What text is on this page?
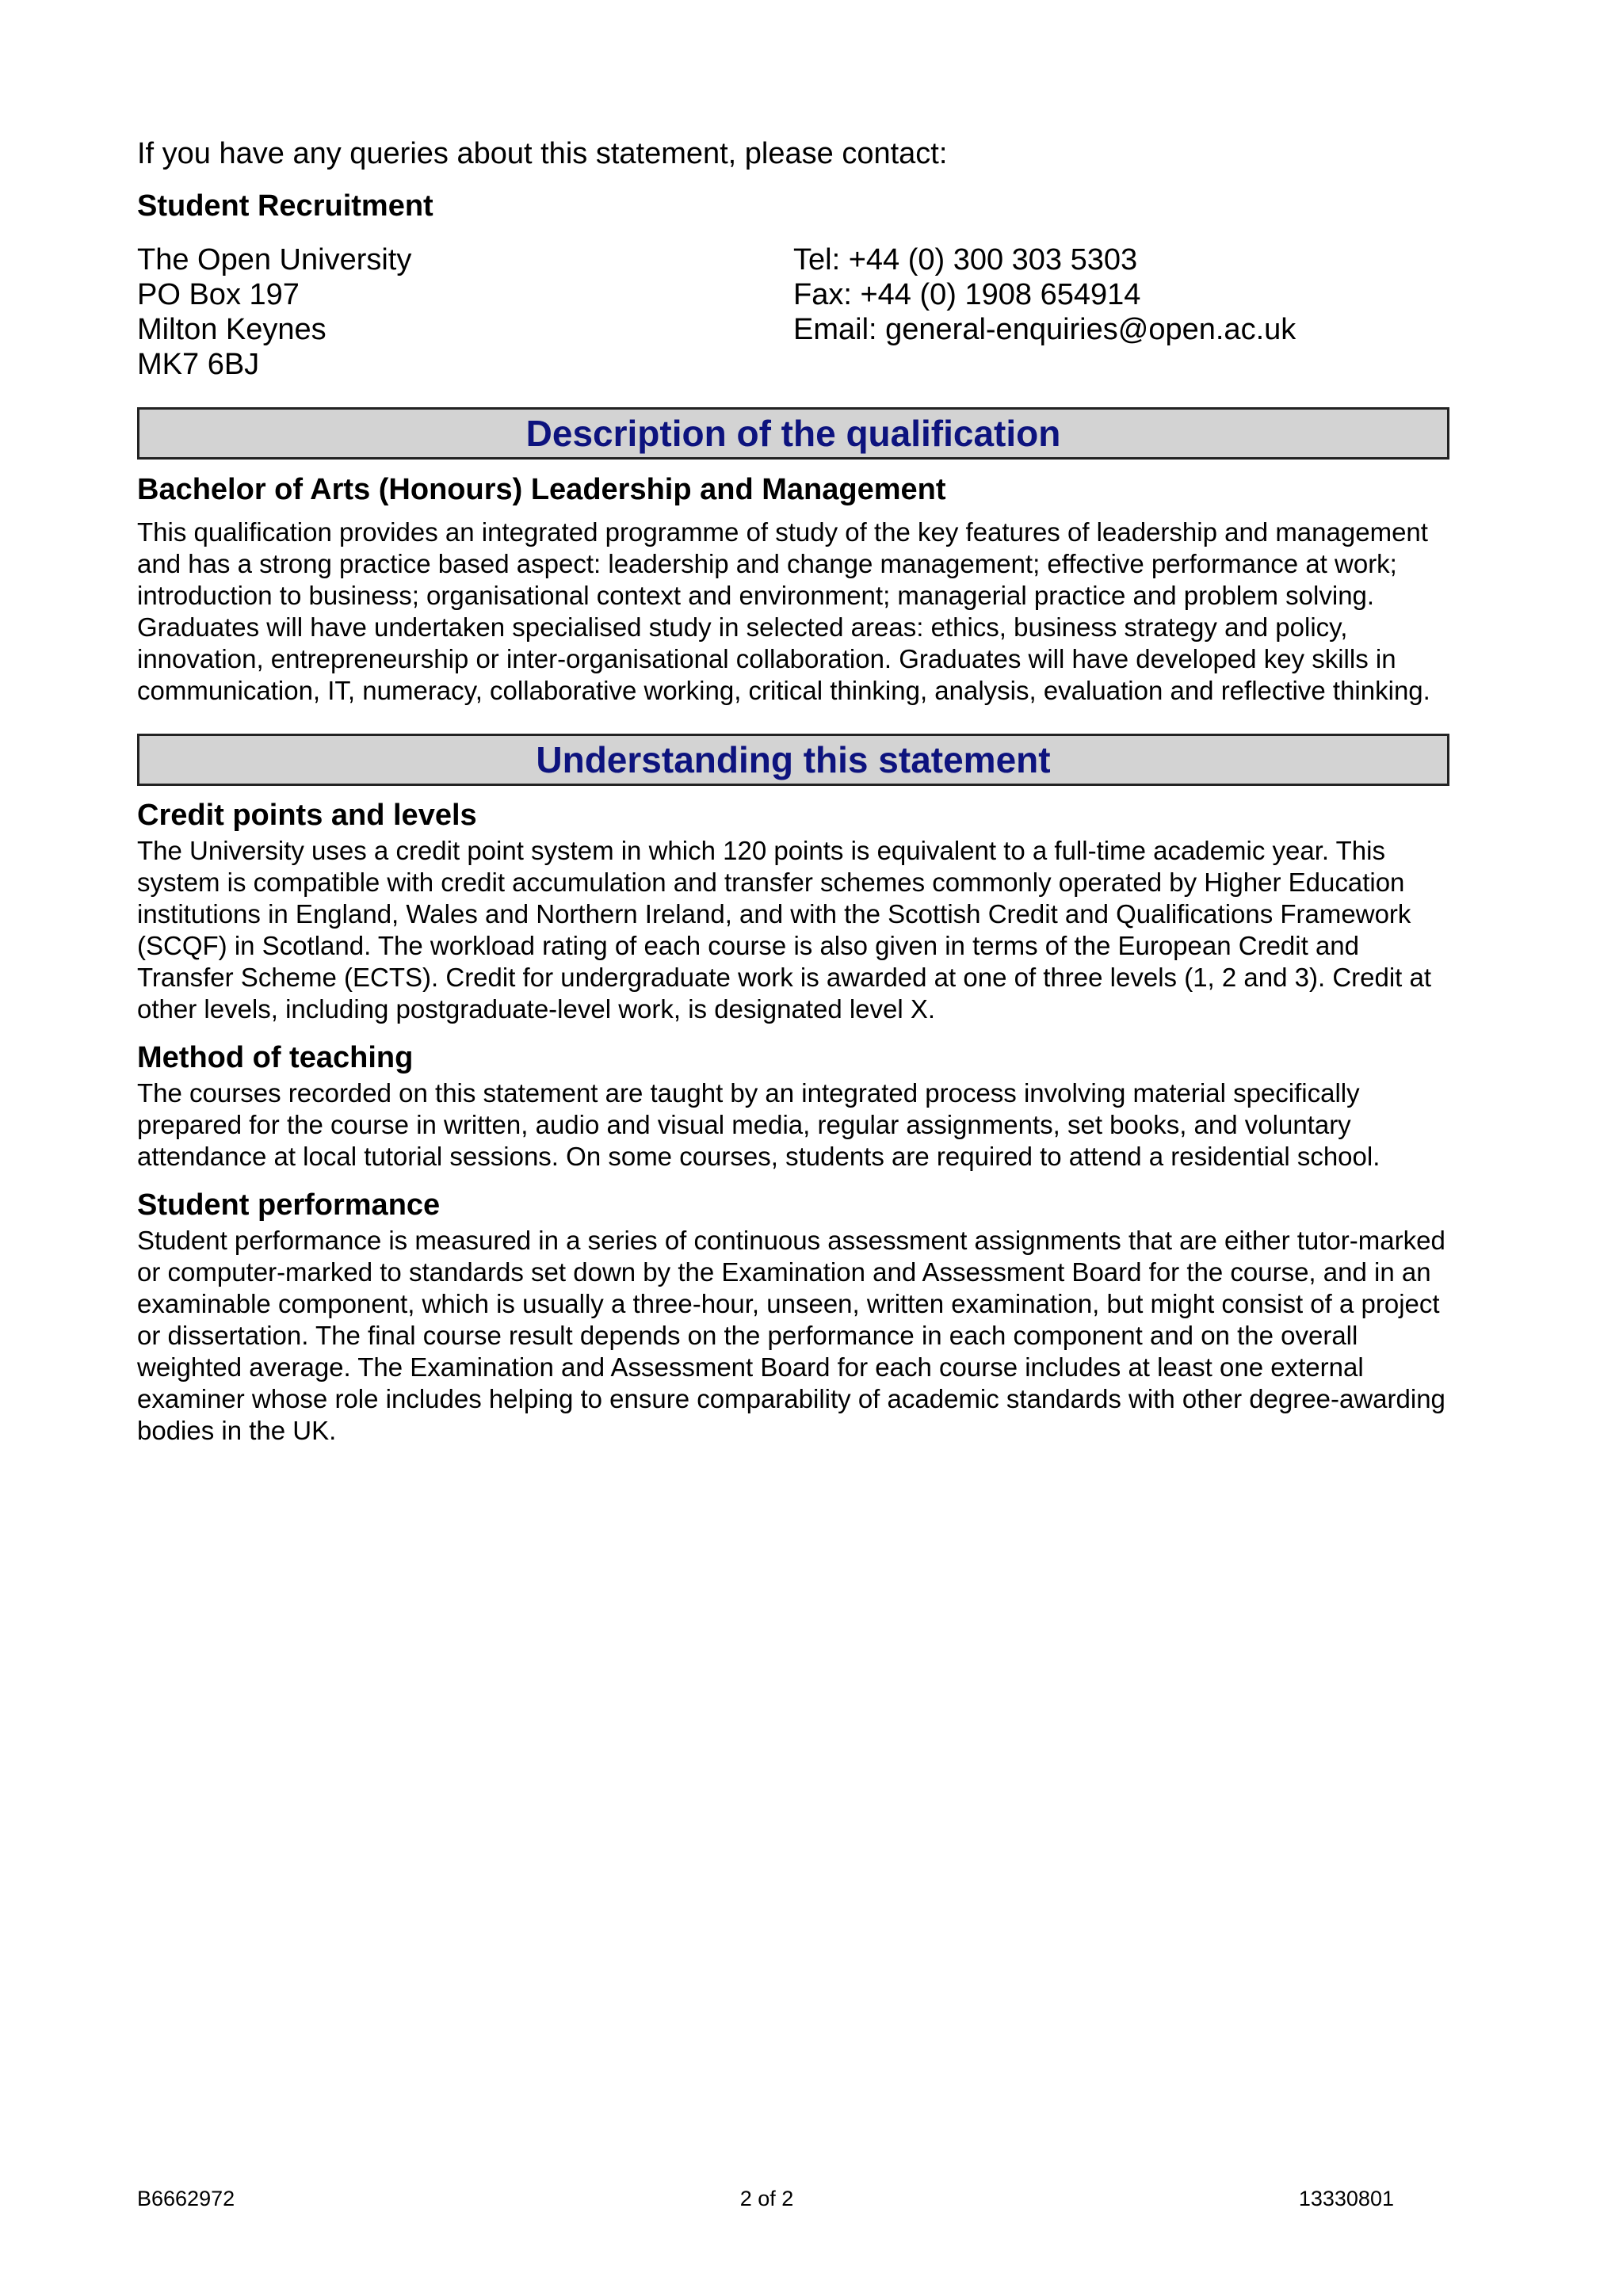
If you have any queries about this statement, please contact:

Student Recruitment

The Open University
PO Box 197
Milton Keynes
MK7 6BJ
Tel: +44 (0) 300 303 5303
Fax: +44 (0) 1908 654914
Email: general-enquiries@open.ac.uk
Description of the qualification

Bachelor of Arts (Honours) Leadership and Management

This qualification provides an integrated programme of study of the key features of leadership and management and has a strong practice based aspect: leadership and change management; effective performance at work; introduction to business; organisational context and environment; managerial practice and problem solving. Graduates will have undertaken specialised study in selected areas: ethics, business strategy and policy, innovation, entrepreneurship or inter-organisational collaboration. Graduates will have developed key skills in communication, IT, numeracy, collaborative working, critical thinking, analysis, evaluation and reflective thinking.

Understanding this statement

Credit points and levels

The University uses a credit point system in which 120 points is equivalent to a full-time academic year. This system is compatible with credit accumulation and transfer schemes commonly operated by Higher Education institutions in England, Wales and Northern Ireland, and with the Scottish Credit and Qualifications Framework (SCQF) in Scotland. The workload rating of each course is also given in terms of the European Credit and Transfer Scheme (ECTS). Credit for undergraduate work is awarded at one of three levels (1, 2 and 3). Credit at other levels, including postgraduate-level work, is designated level X.

Method of teaching

The courses recorded on this statement are taught by an integrated process involving material specifically prepared for the course in written, audio and visual media, regular assignments, set books, and voluntary attendance at local tutorial sessions. On some courses, students are required to attend a residential school.

Student performance

Student performance is measured in a series of continuous assessment assignments that are either tutor-marked or computer-marked to standards set down by the Examination and Assessment Board for the course, and in an examinable component, which is usually a three-hour, unseen, written examination, but might consist of a project or dissertation. The final course result depends on the performance in each component and on the overall weighted average. The Examination and Assessment Board for each course includes at least one external examiner whose role includes helping to ensure comparability of academic standards with other degree-awarding bodies in the UK.

B6662972	2 of 2	13330801
